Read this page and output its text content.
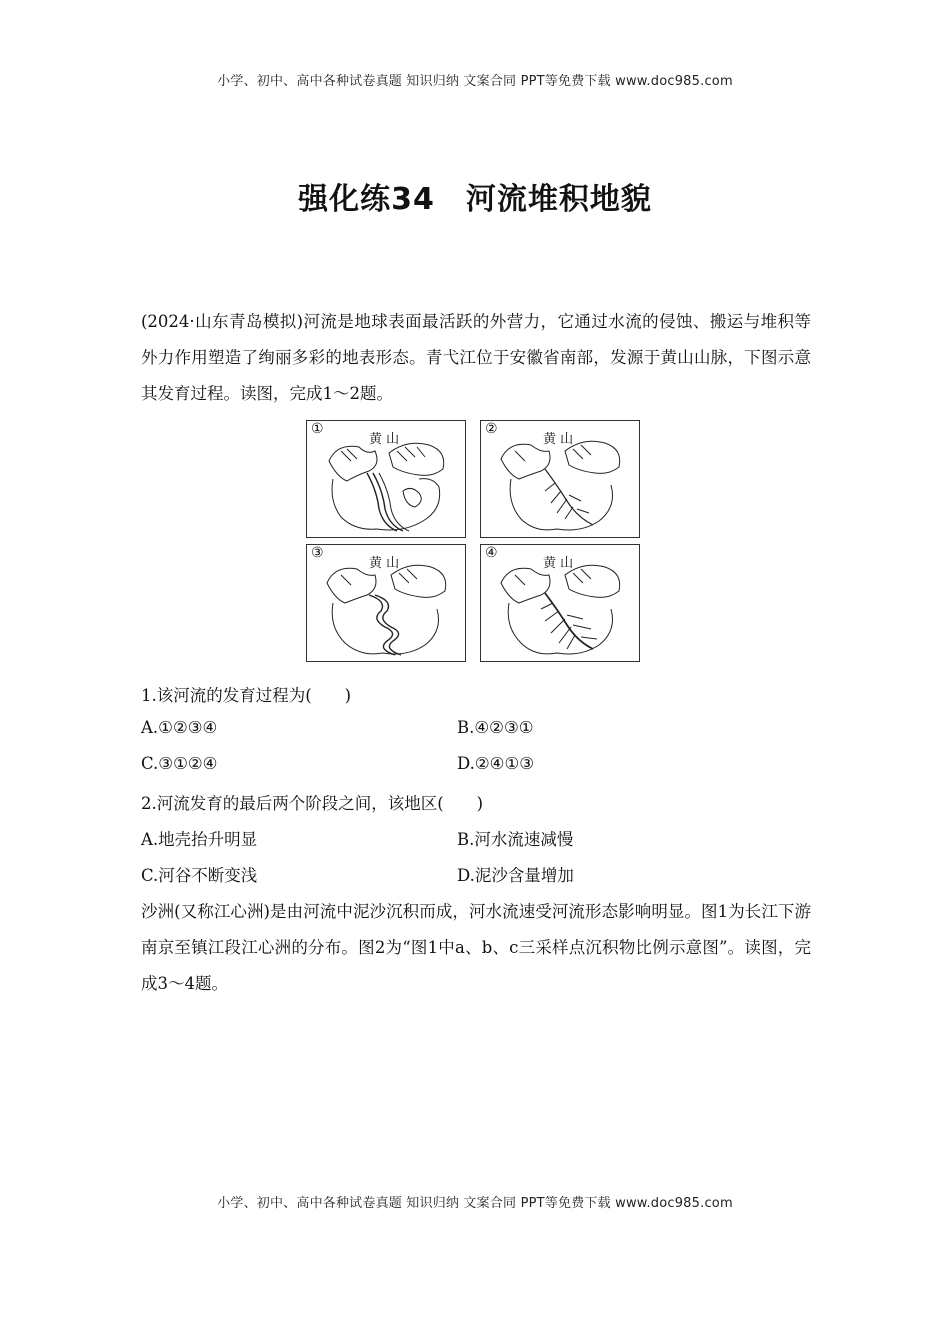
小学、初中、高中各种试卷真题 知识归纳 文案合同 PPT等免费下载 www.doc985.com
强化练34　河流堆积地貌
(2024·山东青岛模拟)河流是地球表面最活跃的外营力，它通过水流的侵蚀、搬运与堆积等外力作用塑造了绚丽多彩的地表形态。青弋江位于安徽省南部，发源于黄山山脉，下图示意其发育过程。读图，完成1～2题。
①
黄 山
②
黄 山
③
黄 山
④
黄 山
1.该河流的发育过程为(　　)
A.①②③④	B.④②③①
C.③①②④	D.②④①③
2.河流发育的最后两个阶段之间，该地区(　　)
A.地壳抬升明显	B.河水流速减慢
C.河谷不断变浅	D.泥沙含量增加
沙洲(又称江心洲)是由河流中泥沙沉积而成，河水流速受河流形态影响明显。图1为长江下游南京至镇江段江心洲的分布。图2为“图1中a、b、c三采样点沉积物比例示意图”。读图，完成3～4题。
小学、初中、高中各种试卷真题 知识归纳 文案合同 PPT等免费下载 www.doc985.com
